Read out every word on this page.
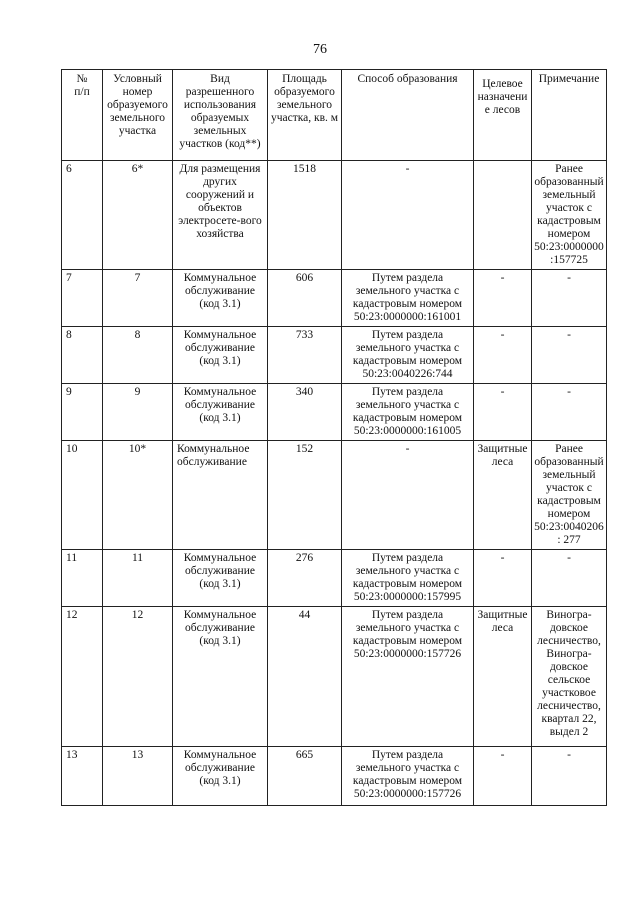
76
№
п/п	Условный номер образуемого земельного участка	Вид разрешенного использования образуемых земельных участков (код**)	Площадь образуемого земельного участка, кв. м	Способ образования	Целевое назначение лесов	Примечание
6	6*	Для размещения других сооружений и объектов электросете-вого хозяйства	1518	-		Ранее образованный земельный участок с кадастровым номером 50:23:0000000:157725
7	7	Коммунальное обслуживание (код 3.1)	606	Путем раздела земельного участка с кадастровым номером 50:23:0000000:161001	-	-
8	8	Коммунальное обслуживание (код 3.1)	733	Путем раздела земельного участка с кадастровым номером 50:23:0040226:744	-	-
9	9	Коммунальное обслуживание (код 3.1)	340	Путем раздела земельного участка с кадастровым номером 50:23:0000000:161005	-	-
10	10*	Коммунальное обслуживание	152	-	Защитные леса	Ранее образованный земельный участок с кадастровым номером 50:23:0040206: 277
11	11	Коммунальное обслуживание (код 3.1)	276	Путем раздела земельного участка с кадастровым номером 50:23:0000000:157995	-	-
12	12	Коммунальное обслуживание (код 3.1)	44	Путем раздела земельного участка с кадастровым номером 50:23:0000000:157726	Защитные леса	Виногра-довское лесничество, Виногра-довское сельское участковое лесничество, квартал 22, выдел 2
13	13	Коммунальное обслуживание (код 3.1)	665	Путем раздела земельного участка с кадастровым номером 50:23:0000000:157726	-	-
